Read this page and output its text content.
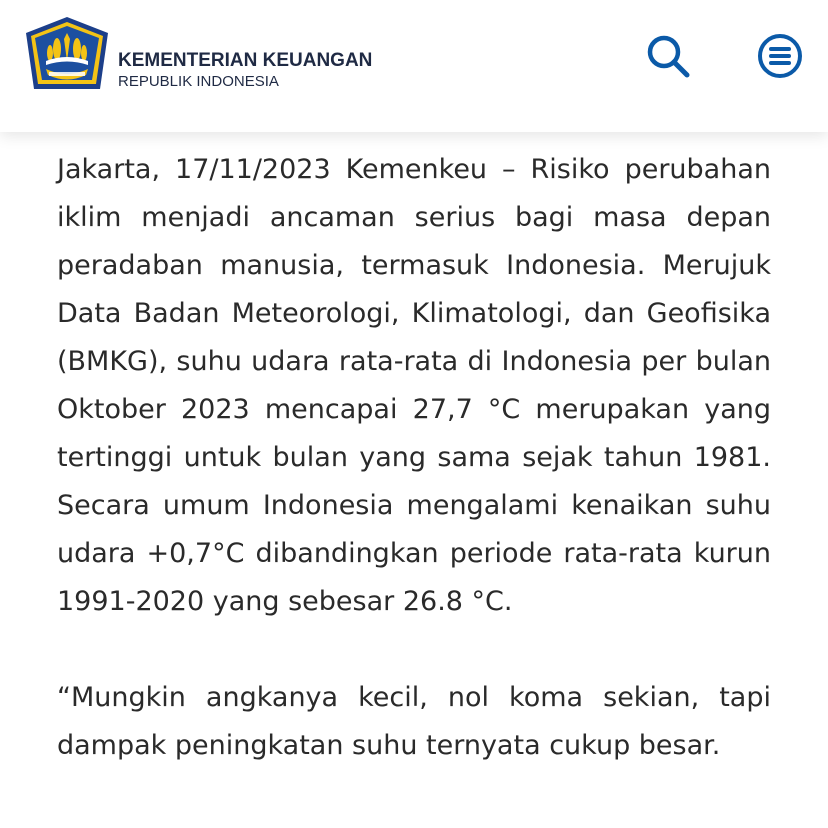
KEMENTERIAN KEUANGAN
REPUBLIK INDONESIA

Jakarta, 17/11/2023 Kemenkeu – Risiko perubahan iklim menjadi ancaman serius bagi masa depan peradaban manusia, termasuk Indonesia. Merujuk Data Badan Meteorologi, Klimatologi, dan Geofisika (BMKG), suhu udara rata-rata di Indonesia per bulan Oktober 2023 mencapai 27,7 °C merupakan yang tertinggi untuk bulan yang sama sejak tahun 1981. Secara umum Indonesia mengalami kenaikan suhu udara +0,7°C dibandingkan periode rata-rata kurun 1991-2020 yang sebesar 26.8 °C.

“Mungkin angkanya kecil, nol koma sekian, tapi dampak peningkatan suhu ternyata cukup besar.
